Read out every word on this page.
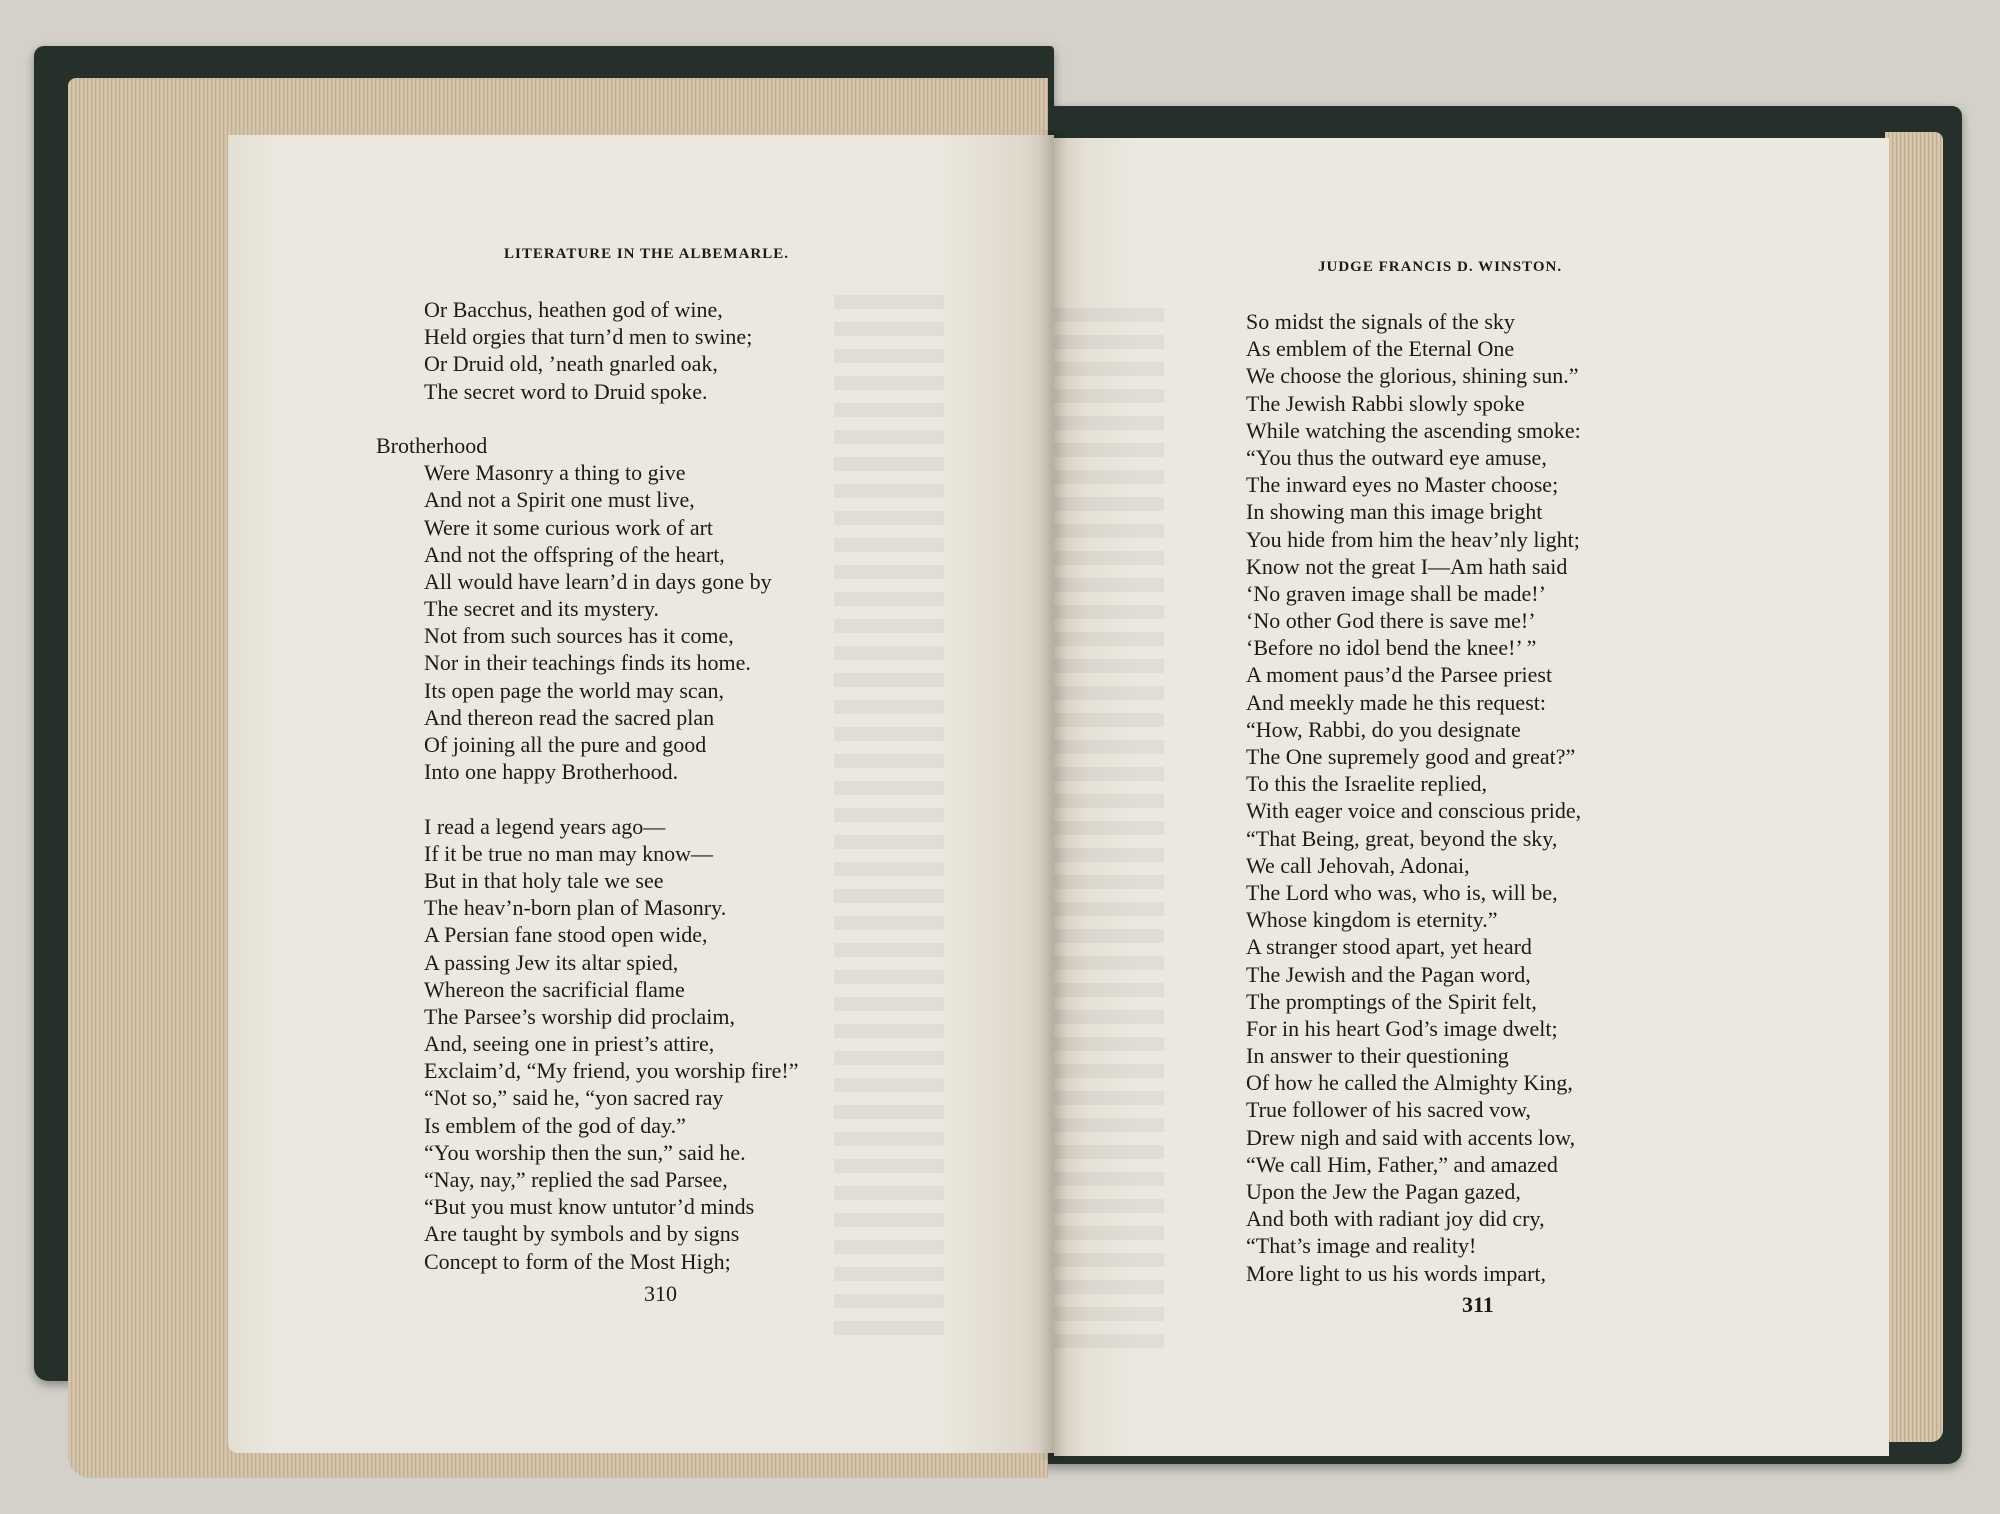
LITERATURE IN THE ALBEMARLE.
Or Bacchus, heathen god of wine,
Held orgies that turn’d men to swine;
Or Druid old, ’neath gnarled oak,
The secret word to Druid spoke.
Brotherhood
Were Masonry a thing to give
And not a Spirit one must live,
Were it some curious work of art
And not the offspring of the heart,
All would have learn’d in days gone by
The secret and its mystery.
Not from such sources has it come,
Nor in their teachings finds its home.
Its open page the world may scan,
And thereon read the sacred plan
Of joining all the pure and good
Into one happy Brotherhood.
I read a legend years ago—
If it be true no man may know—
But in that holy tale we see
The heav’n-born plan of Masonry.
A Persian fane stood open wide,
A passing Jew its altar spied,
Whereon the sacrificial flame
The Parsee’s worship did proclaim,
And, seeing one in priest’s attire,
Exclaim’d, “My friend, you worship fire!”
“Not so,” said he, “yon sacred ray
Is emblem of the god of day.”
“You worship then the sun,” said he.
“Nay, nay,” replied the sad Parsee,
“But you must know untutor’d minds
Are taught by symbols and by signs
Concept to form of the Most High;
310
JUDGE FRANCIS D. WINSTON.
So midst the signals of the sky
As emblem of the Eternal One
We choose the glorious, shining sun.”
The Jewish Rabbi slowly spoke
While watching the ascending smoke:
“You thus the outward eye amuse,
The inward eyes no Master choose;
In showing man this image bright
You hide from him the heav’nly light;
Know not the great I—Am hath said
‘No graven image shall be made!’
‘No other God there is save me!’
‘Before no idol bend the knee!’ ”
A moment paus’d the Parsee priest
And meekly made he this request:
“How, Rabbi, do you designate
The One supremely good and great?”
To this the Israelite replied,
With eager voice and conscious pride,
“That Being, great, beyond the sky,
We call Jehovah, Adonai,
The Lord who was, who is, will be,
Whose kingdom is eternity.”
A stranger stood apart, yet heard
The Jewish and the Pagan word,
The promptings of the Spirit felt,
For in his heart God’s image dwelt;
In answer to their questioning
Of how he called the Almighty King,
True follower of his sacred vow,
Drew nigh and said with accents low,
“We call Him, Father,” and amazed
Upon the Jew the Pagan gazed,
And both with radiant joy did cry,
“That’s image and reality!
More light to us his words impart,
311
